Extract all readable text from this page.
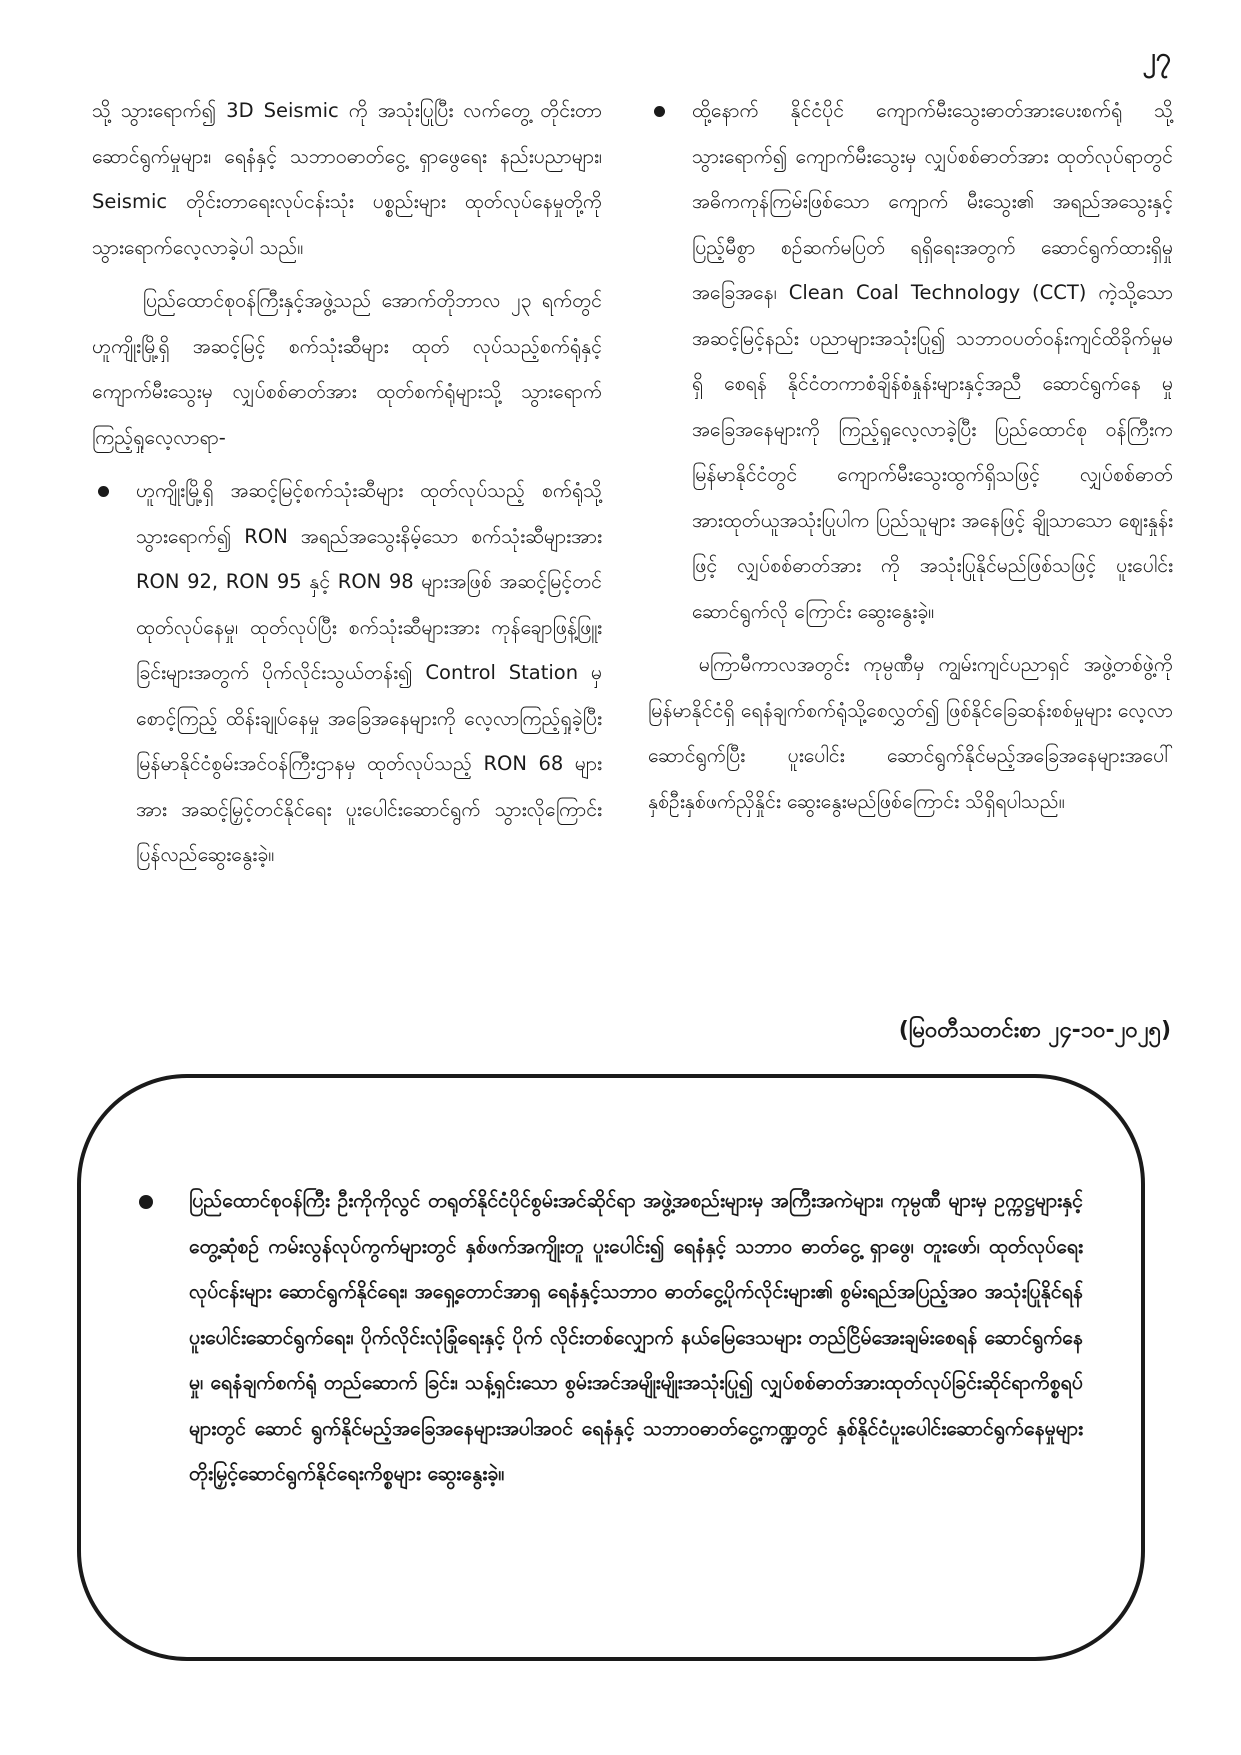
၂၇

သို့ သွားရောက်၍ 3D Seismic ကို အသုံးပြုပြီး လက်တွေ့ တိုင်းတာဆောင်ရွက်မှုများ၊ ရေနံနှင့် သဘာဝဓာတ်ငွေ့ ရှာဖွေရေး နည်းပညာများ၊ Seismic တိုင်းတာရေးလုပ်ငန်းသုံး ပစ္စည်းများ ထုတ်လုပ်နေမှုတို့ကို သွားရောက်လေ့လာခဲ့ပါ သည်။

ပြည်ထောင်စုဝန်ကြီးနှင့်အဖွဲ့သည် အောက်တိုဘာလ ၂၃ ရက်တွင် ဟူကျိုးမြို့ရှိ အဆင့်မြင့် စက်သုံးဆီများ ထုတ် လုပ်သည့်စက်ရုံနှင့် ကျောက်မီးသွေးမှ လျှပ်စစ်ဓာတ်အား ထုတ်စက်ရုံများသို့ သွားရောက်ကြည့်ရှုလေ့လာရာ-

ဟူကျိုးမြို့ရှိ အဆင့်မြင့်စက်သုံးဆီများ ထုတ်လုပ်သည့် စက်ရုံသို့ သွားရောက်၍ RON အရည်အသွေးနိမ့်သော စက်သုံးဆီများအား RON 92, RON 95 နှင့် RON 98 များအဖြစ် အဆင့်မြင့်တင်ထုတ်လုပ်နေမှု၊ ထုတ်လုပ်ပြီး စက်သုံးဆီများအား ကုန်ချောဖြန့်ဖြူးခြင်းများအတွက် ပိုက်လိုင်းသွယ်တန်း၍ Control Station မှ စောင့်ကြည့် ထိန်းချုပ်နေမှု အခြေအနေများကို လေ့လာကြည့်ရှုခဲ့ပြီး မြန်မာနိုင်ငံစွမ်းအင်ဝန်ကြီးဌာနမှ ထုတ်လုပ်သည့် RON 68 များအား အဆင့်မြှင့်တင်နိုင်ရေး ပူးပေါင်းဆောင်ရွက် သွားလိုကြောင်း ပြန်လည်ဆွေးနွေးခဲ့။

ထို့နောက် နိုင်ငံပိုင် ကျောက်မီးသွေးဓာတ်အားပေးစက်ရုံ သို့သွားရောက်၍ ကျောက်မီးသွေးမှ လျှပ်စစ်ဓာတ်အား ထုတ်လုပ်ရာတွင် အဓိကကုန်ကြမ်းဖြစ်သော ကျောက် မီးသွေး၏ အရည်အသွေးနှင့်ပြည့်မီစွာ စဉ်ဆက်မပြတ် ရရှိရေးအတွက် ဆောင်ရွက်ထားရှိမှုအခြေအနေ၊ Clean Coal Technology (CCT) ကဲ့သို့သော အဆင့်မြင့်နည်း ပညာများအသုံးပြု၍ သဘာဝပတ်ဝန်းကျင်ထိခိုက်မှုမရှိ စေရန် နိုင်ငံတကာစံချိန်စံနှုန်းများနှင့်အညီ ဆောင်ရွက်နေ မှုအခြေအနေများကို ကြည့်ရှုလေ့လာခဲ့ပြီး ပြည်ထောင်စု ဝန်ကြီးက မြန်မာနိုင်ငံတွင် ကျောက်မီးသွေးထွက်ရှိသဖြင့် လျှပ်စစ်ဓာတ်အားထုတ်ယူအသုံးပြုပါက ပြည်သူများ အနေဖြင့် ချိုသာသော ဈေးနှုန်းဖြင့် လျှပ်စစ်ဓာတ်အား ကို အသုံးပြုနိုင်မည်ဖြစ်သဖြင့် ပူးပေါင်းဆောင်ရွက်လို ကြောင်း ဆွေးနွေးခဲ့။

မကြာမီကာလအတွင်း ကုမ္ပဏီမှ ကျွမ်းကျင်ပညာရှင် အဖွဲ့တစ်ဖွဲ့ကို မြန်မာနိုင်ငံရှိ ရေနံချက်စက်ရုံသို့စေလွှတ်၍ ဖြစ်နိုင်ခြေဆန်းစစ်မှုများ လေ့လာဆောင်ရွက်ပြီး ပူးပေါင်း ဆောင်ရွက်နိုင်မည့်အခြေအနေများအပေါ် နှစ်ဦးနှစ်ဖက်ညှိနှိုင်း ဆွေးနွေးမည်ဖြစ်ကြောင်း သိရှိရပါသည်။

(မြဝတီသတင်းစာ ၂၄-၁၀-၂၀၂၅)

ပြည်ထောင်စုဝန်ကြီး ဦးကိုကိုလွင် တရုတ်နိုင်ငံပိုင်စွမ်းအင်ဆိုင်ရာ အဖွဲ့အစည်းများမှ အကြီးအကဲများ၊ ကုမ္ပဏီ များမှ ဥက္ကဋ္ဌများနှင့်တွေ့ဆုံစဉ် ကမ်းလွန်လုပ်ကွက်များတွင် နှစ်ဖက်အကျိုးတူ ပူးပေါင်း၍ ရေနံနှင့် သဘာဝ ဓာတ်ငွေ့ ရှာဖွေ၊ တူးဖော်၊ ထုတ်လုပ်ရေးလုပ်ငန်းများ ဆောင်ရွက်နိုင်ရေး၊ အရှေ့တောင်အာရှ ရေနံနှင့်သဘာဝ ဓာတ်ငွေ့ပိုက်လိုင်းများ၏ စွမ်းရည်အပြည့်အဝ အသုံးပြုနိုင်ရန် ပူးပေါင်းဆောင်ရွက်ရေး၊ ပိုက်လိုင်းလုံခြုံရေးနှင့် ပိုက် လိုင်းတစ်လျှောက် နယ်မြေဒေသများ တည်ငြိမ်အေးချမ်းစေရန် ဆောင်ရွက်နေမှု၊ ရေနံချက်စက်ရုံ တည်ဆောက် ခြင်း၊ သန့်ရှင်းသော စွမ်းအင်အမျိုးမျိုးအသုံးပြု၍ လျှပ်စစ်ဓာတ်အားထုတ်လုပ်ခြင်းဆိုင်ရာကိစ္စရပ်များတွင် ဆောင် ရွက်နိုင်မည့်အခြေအနေများအပါအဝင် ရေနံနှင့် သဘာဝဓာတ်ငွေ့ကဏ္ဍတွင် နှစ်နိုင်ငံပူးပေါင်းဆောင်ရွက်နေမှုများ တိုးမြှင့်ဆောင်ရွက်နိုင်ရေးကိစ္စများ ဆွေးနွေးခဲ့။
